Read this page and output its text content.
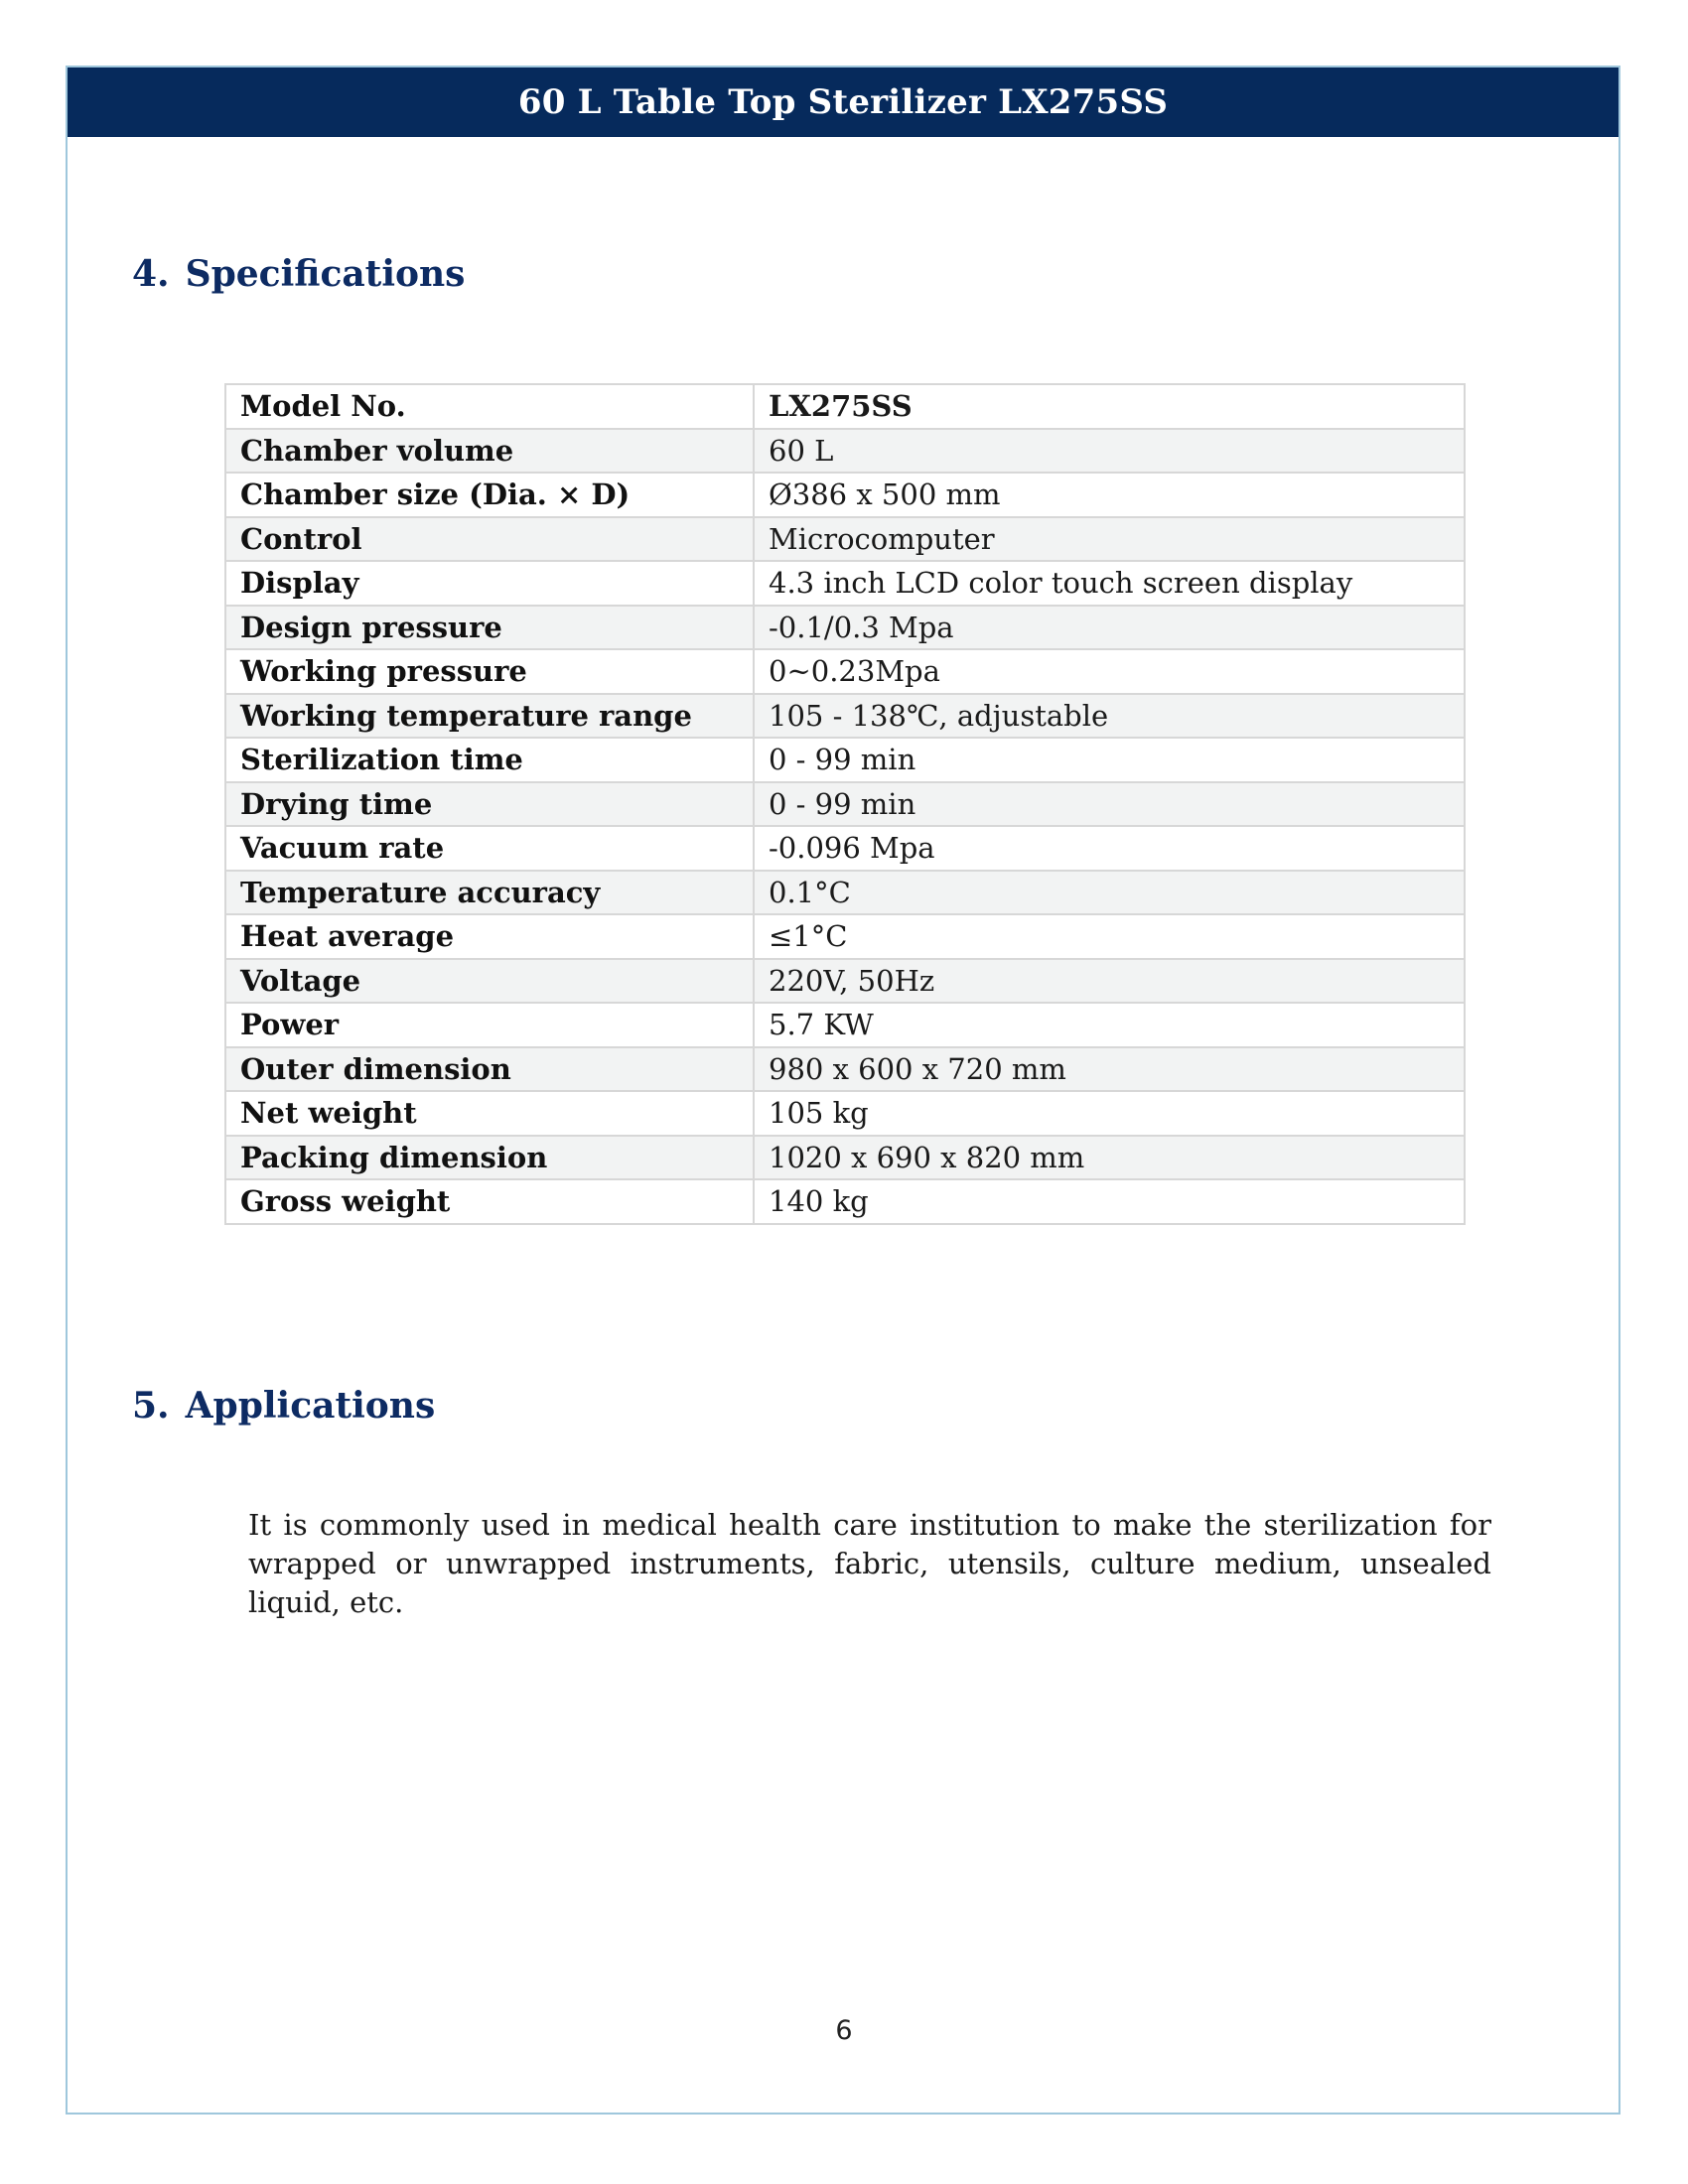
60 L Table Top Sterilizer LX275SS
4. Specifications
Model No.	LX275SS
Chamber volume	60 L
Chamber size (Dia. × D)	Ø386 x 500 mm
Control	Microcomputer
Display	4.3 inch LCD color touch screen display
Design pressure	-0.1/0.3 Mpa
Working pressure	0~0.23Mpa
Working temperature range	105 - 138℃, adjustable
Sterilization time	0 - 99 min
Drying time	0 - 99 min
Vacuum rate	-0.096 Mpa
Temperature accuracy	0.1°C
Heat average	≤1°C
Voltage	220V, 50Hz
Power	5.7 KW
Outer dimension	980 x 600 x 720 mm
Net weight	105 kg
Packing dimension	1020 x 690 x 820 mm
Gross weight	140 kg
5. Applications

It is commonly used in medical health care institution to make the sterilization for wrapped or unwrapped instruments, fabric, utensils, culture medium, unsealed liquid, etc.

6
